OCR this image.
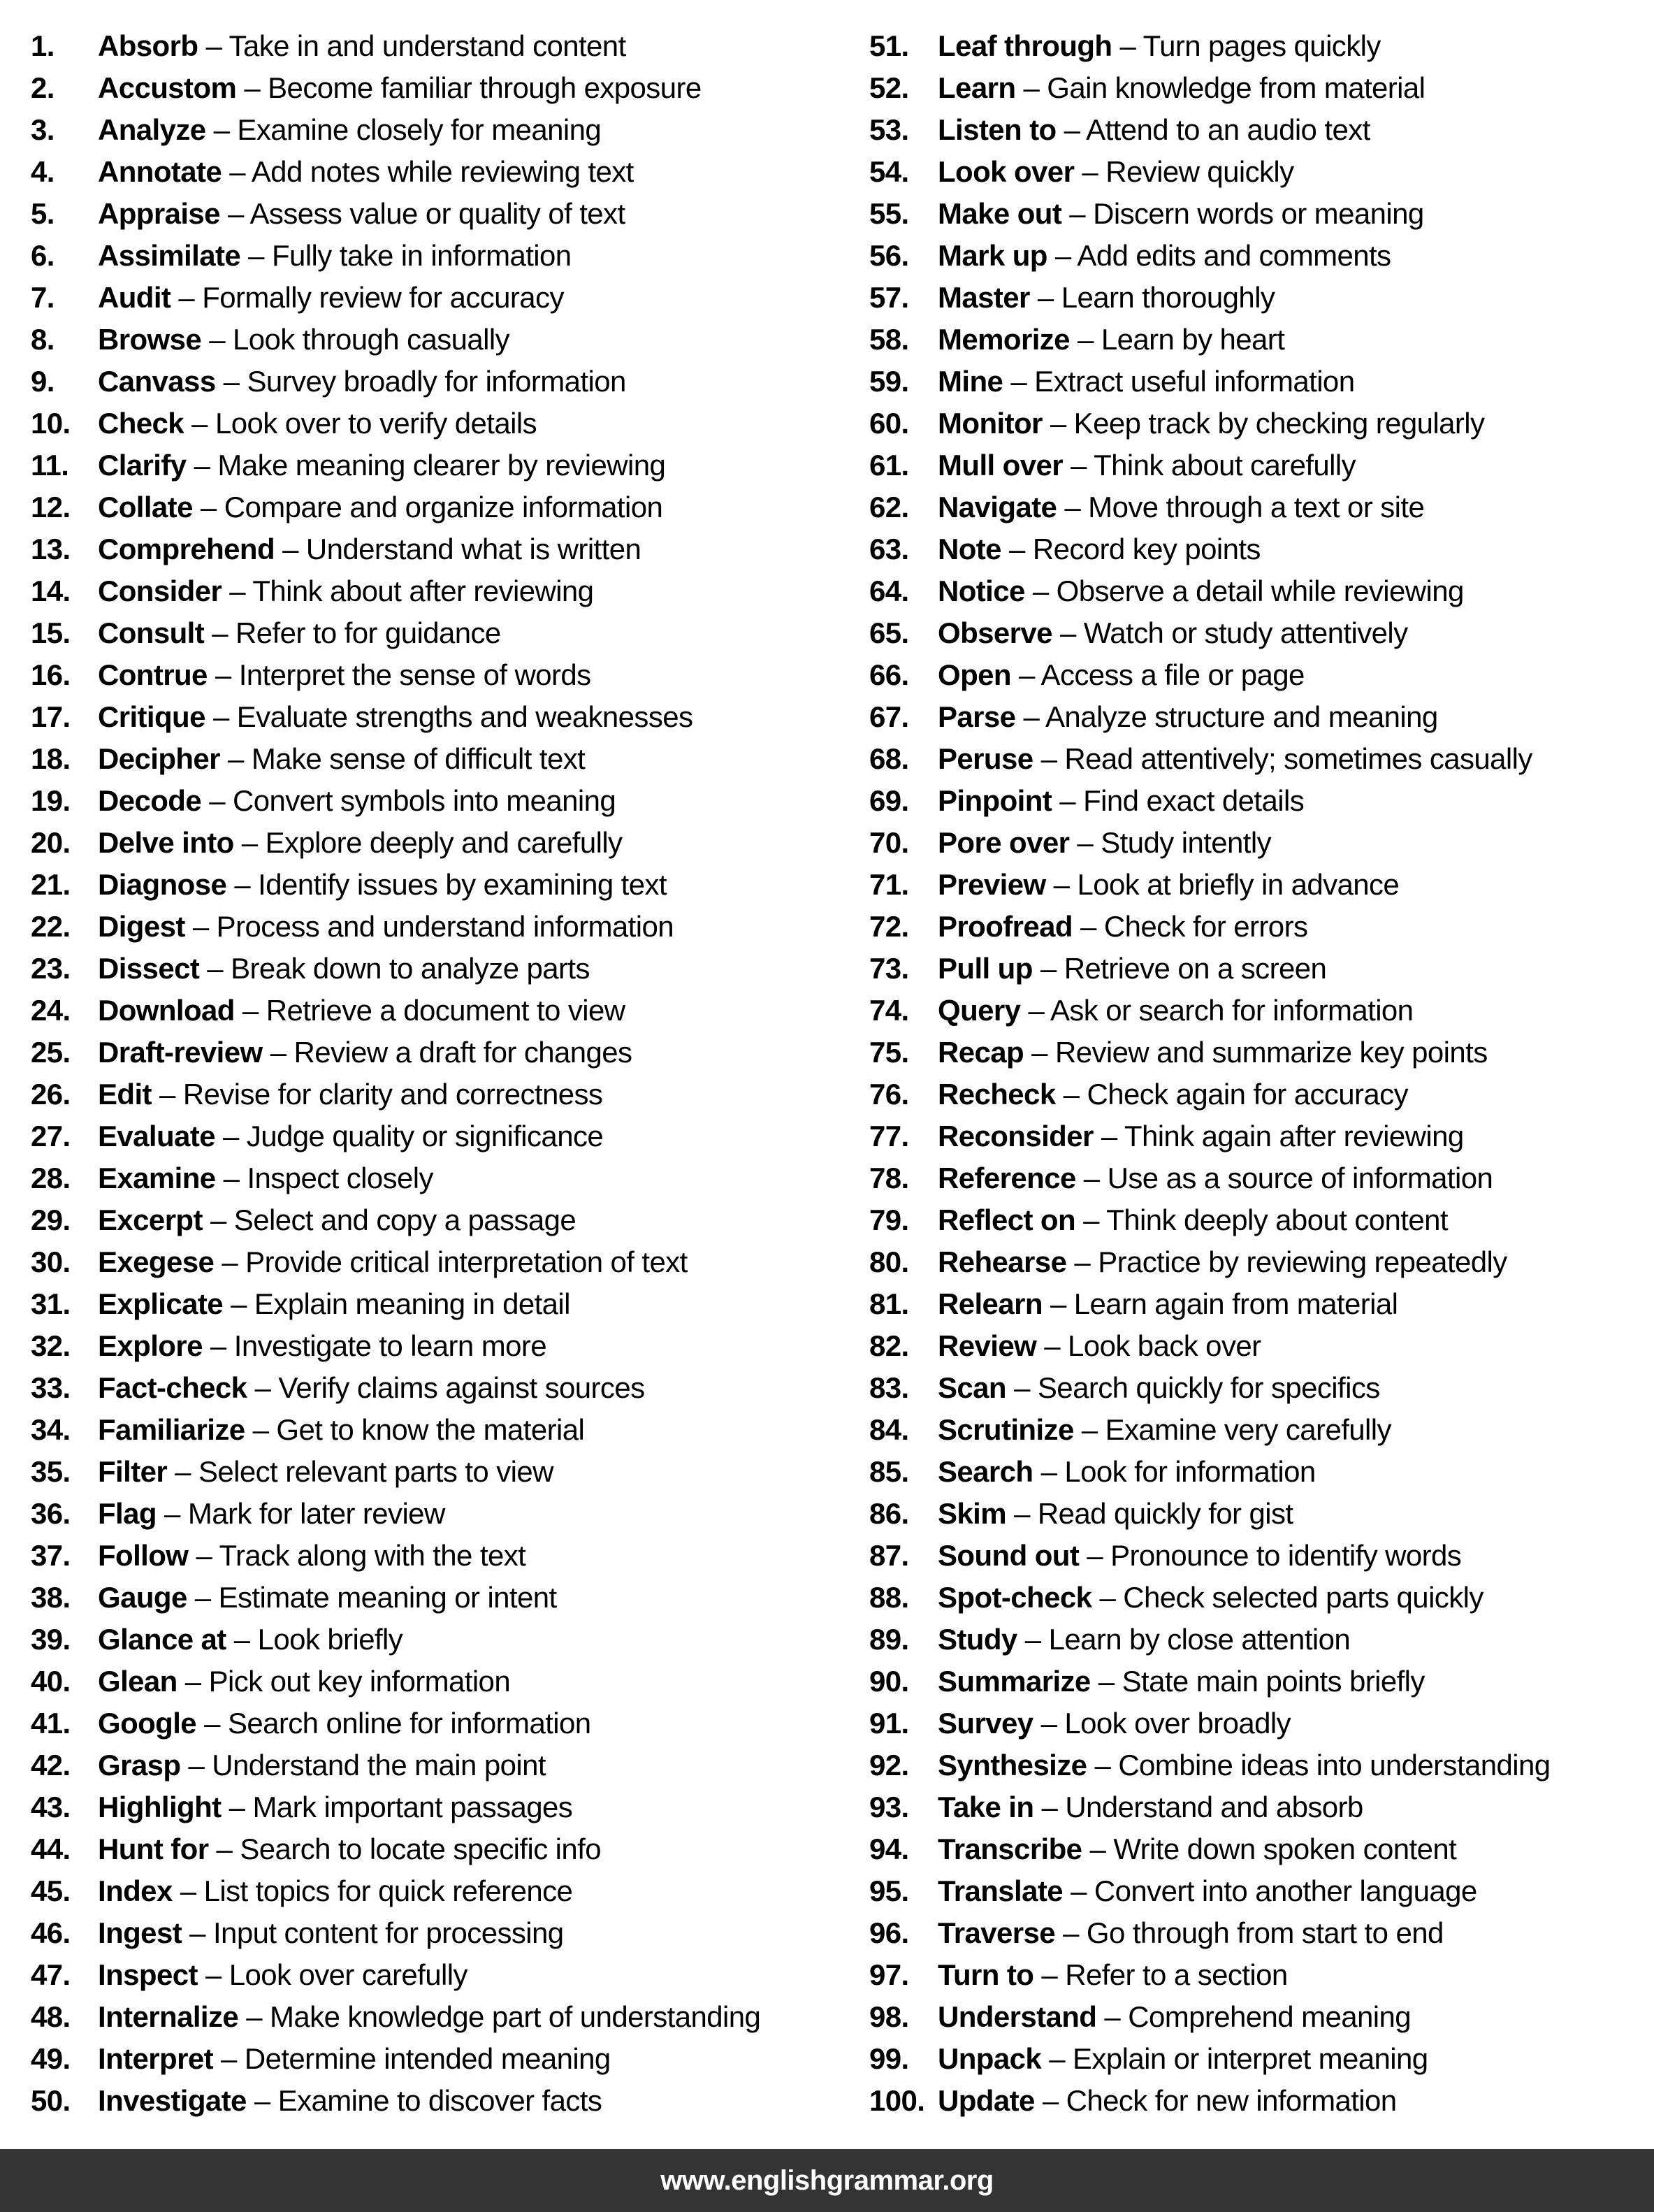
1.	Absorb – Take in and understand content
2.	Accustom – Become familiar through exposure
3.	Analyze – Examine closely for meaning
4.	Annotate – Add notes while reviewing text
5.	Appraise – Assess value or quality of text
6.	Assimilate – Fully take in information
7.	Audit – Formally review for accuracy
8.	Browse – Look through casually
9.	Canvass – Survey broadly for information
10. Check – Look over to verify details
11. Clarify – Make meaning clearer by reviewing
12. Collate – Compare and organize information
13. Comprehend – Understand what is written
14. Consider – Think about after reviewing
15. Consult – Refer to for guidance
16. Contrue – Interpret the sense of words
17. Critique – Evaluate strengths and weaknesses
18. Decipher – Make sense of difficult text
19. Decode – Convert symbols into meaning
20. Delve into – Explore deeply and carefully
21. Diagnose – Identify issues by examining text
22. Digest – Process and understand information
23. Dissect – Break down to analyze parts
24. Download – Retrieve a document to view
25. Draft-review – Review a draft for changes
26. Edit – Revise for clarity and correctness
27. Evaluate – Judge quality or significance
28. Examine – Inspect closely
29. Excerpt – Select and copy a passage
30. Exegese – Provide critical interpretation of text
31. Explicate – Explain meaning in detail
32. Explore – Investigate to learn more
33. Fact-check – Verify claims against sources
34. Familiarize – Get to know the material
35. Filter – Select relevant parts to view
36. Flag – Mark for later review
37. Follow – Track along with the text
38. Gauge – Estimate meaning or intent
39. Glance at – Look briefly
40. Glean – Pick out key information
41. Google – Search online for information
42. Grasp – Understand the main point
43. Highlight – Mark important passages
44. Hunt for – Search to locate specific info
45. Index – List topics for quick reference
46. Ingest – Input content for processing
47. Inspect – Look over carefully
48. Internalize – Make knowledge part of understanding
49. Interpret – Determine intended meaning
50. Investigate – Examine to discover facts
51. Leaf through – Turn pages quickly
52. Learn – Gain knowledge from material
53. Listen to – Attend to an audio text
54. Look over – Review quickly
55. Make out – Discern words or meaning
56. Mark up – Add edits and comments
57. Master – Learn thoroughly
58. Memorize – Learn by heart
59. Mine – Extract useful information
60. Monitor – Keep track by checking regularly
61. Mull over – Think about carefully
62. Navigate – Move through a text or site
63. Note – Record key points
64. Notice – Observe a detail while reviewing
65. Observe – Watch or study attentively
66. Open – Access a file or page
67. Parse – Analyze structure and meaning
68. Peruse – Read attentively; sometimes casually
69. Pinpoint – Find exact details
70. Pore over – Study intently
71. Preview – Look at briefly in advance
72. Proofread – Check for errors
73. Pull up – Retrieve on a screen
74. Query – Ask or search for information
75. Recap – Review and summarize key points
76. Recheck – Check again for accuracy
77. Reconsider – Think again after reviewing
78. Reference – Use as a source of information
79. Reflect on – Think deeply about content
80. Rehearse – Practice by reviewing repeatedly
81. Relearn – Learn again from material
82. Review – Look back over
83. Scan – Search quickly for specifics
84. Scrutinize – Examine very carefully
85. Search – Look for information
86. Skim – Read quickly for gist
87. Sound out – Pronounce to identify words
88. Spot-check – Check selected parts quickly
89. Study – Learn by close attention
90. Summarize – State main points briefly
91. Survey – Look over broadly
92. Synthesize – Combine ideas into understanding
93. Take in – Understand and absorb
94. Transcribe – Write down spoken content
95. Translate – Convert into another language
96. Traverse – Go through from start to end
97. Turn to – Refer to a section
98. Understand – Comprehend meaning
99. Unpack – Explain or interpret meaning
100. Update – Check for new information
www.englishgrammar.org
